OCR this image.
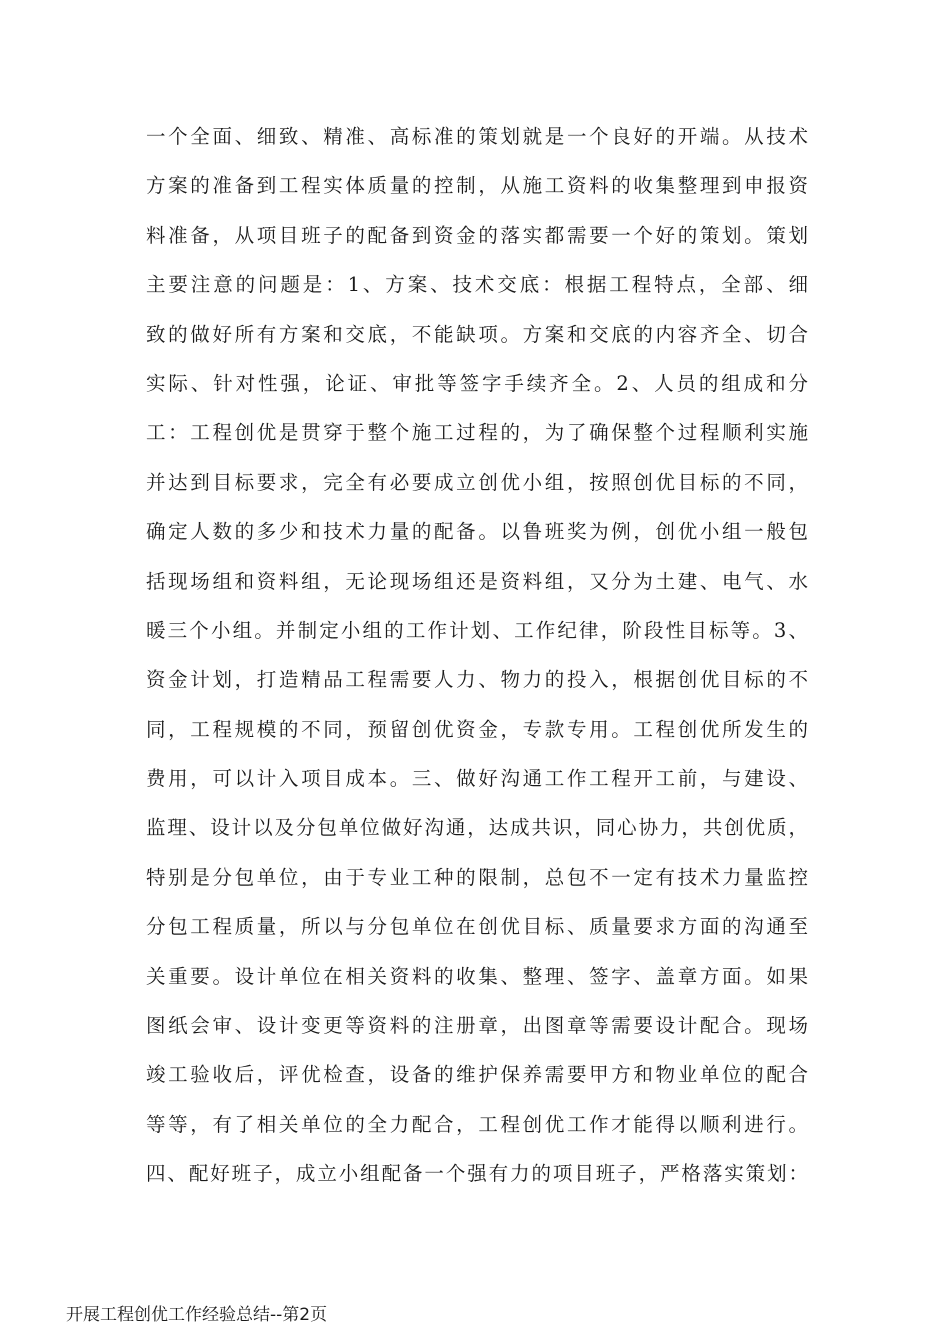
一个全面、细致、精准、高标准的策划就是一个良好的开端。从技术
方案的准备到工程实体质量的控制，从施工资料的收集整理到申报资
料准备，从项目班子的配备到资金的落实都需要一个好的策划。策划
主要注意的问题是：1、方案、技术交底：根据工程特点，全部、细
致的做好所有方案和交底，不能缺项。方案和交底的内容齐全、切合
实际、针对性强，论证、审批等签字手续齐全。2、人员的组成和分
工：工程创优是贯穿于整个施工过程的，为了确保整个过程顺利实施
并达到目标要求，完全有必要成立创优小组，按照创优目标的不同，
确定人数的多少和技术力量的配备。以鲁班奖为例，创优小组一般包
括现场组和资料组，无论现场组还是资料组，又分为土建、电气、水
暖三个小组。并制定小组的工作计划、工作纪律，阶段性目标等。3、
资金计划，打造精品工程需要人力、物力的投入，根据创优目标的不
同，工程规模的不同，预留创优资金，专款专用。工程创优所发生的
费用，可以计入项目成本。三、做好沟通工作工程开工前，与建设、
监理、设计以及分包单位做好沟通，达成共识，同心协力，共创优质，
特别是分包单位，由于专业工种的限制，总包不一定有技术力量监控
分包工程质量，所以与分包单位在创优目标、质量要求方面的沟通至
关重要。设计单位在相关资料的收集、整理、签字、盖章方面。如果
图纸会审、设计变更等资料的注册章，出图章等需要设计配合。现场
竣工验收后，评优检查，设备的维护保养需要甲方和物业单位的配合
等等，有了相关单位的全力配合，工程创优工作才能得以顺利进行。
四、配好班子，成立小组配备一个强有力的项目班子，严格落实策划：
开展工程创优工作经验总结--第2页
